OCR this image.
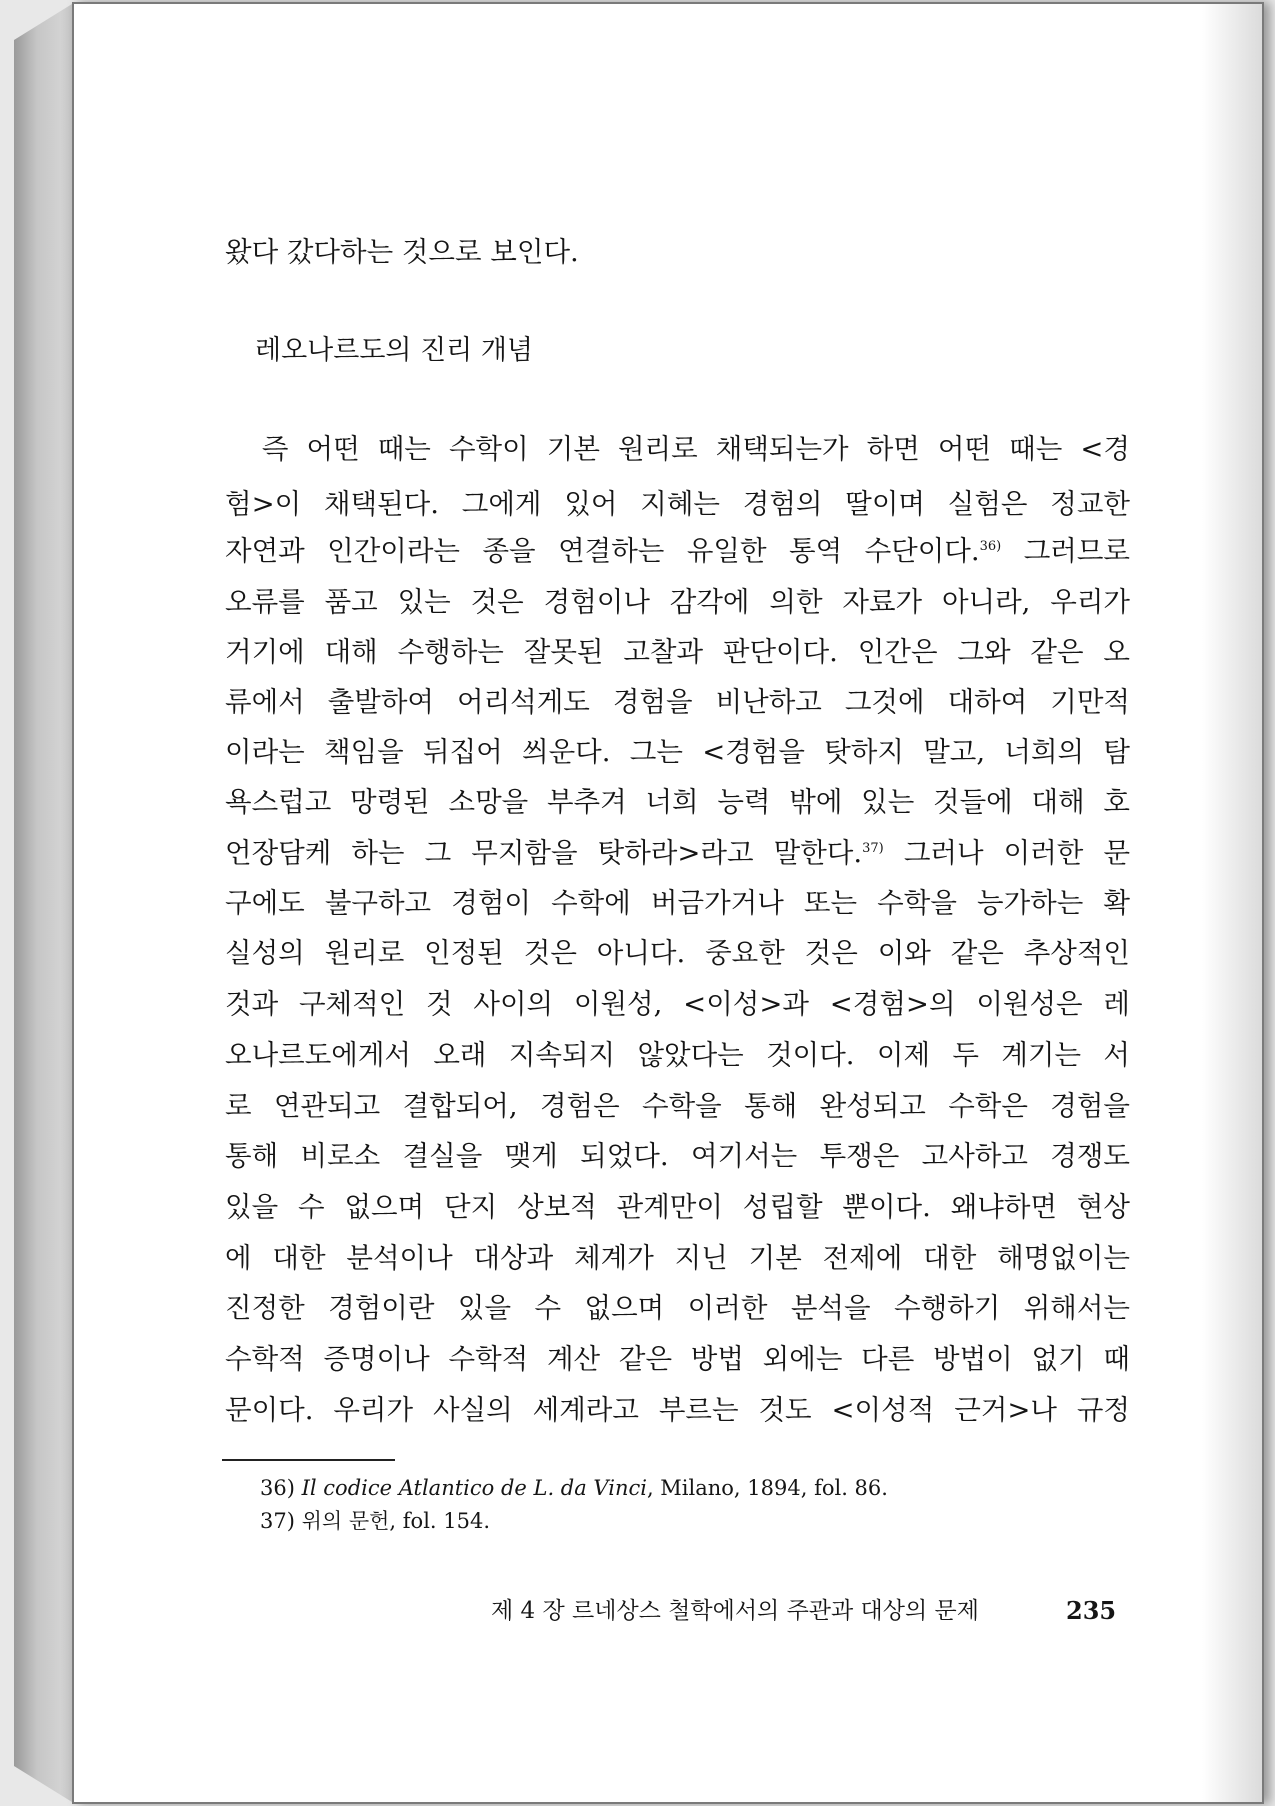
왔다 갔다하는 것으로 보인다.
레오나르도의 진리 개념
　즉 어떤 때는 수학이 기본 원리로 채택되는가 하면 어떤 때는 <경
험>이 채택된다. 그에게 있어 지혜는 경험의 딸이며 실험은 정교한
자연과 인간이라는 종을 연결하는 유일한 통역 수단이다.$^{36)}$ 그러므로
오류를 품고 있는 것은 경험이나 감각에 의한 자료가 아니라, 우리가
거기에 대해 수행하는 잘못된 고찰과 판단이다. 인간은 그와 같은 오
류에서 출발하여 어리석게도 경험을 비난하고 그것에 대하여 기만적
이라는 책임을 뒤집어 씌운다. 그는 <경험을 탓하지 말고, 너희의 탐
욕스럽고 망령된 소망을 부추겨 너희 능력 밖에 있는 것들에 대해 호
언장담케 하는 그 무지함을 탓하라>라고 말한다.$^{37)}$ 그러나 이러한 문
구에도 불구하고 경험이 수학에 버금가거나 또는 수학을 능가하는 확
실성의 원리로 인정된 것은 아니다. 중요한 것은 이와 같은 추상적인
것과 구체적인 것 사이의 이원성, <이성>과 <경험>의 이원성은 레
오나르도에게서 오래 지속되지 않았다는 것이다. 이제 두 계기는 서
로 연관되고 결합되어, 경험은 수학을 통해 완성되고 수학은 경험을
통해 비로소 결실을 맺게 되었다. 여기서는 투쟁은 고사하고 경쟁도
있을 수 없으며 단지 상보적 관계만이 성립할 뿐이다. 왜냐하면 현상
에 대한 분석이나 대상과 체계가 지닌 기본 전제에 대한 해명없이는
진정한 경험이란 있을 수 없으며 이러한 분석을 수행하기 위해서는
수학적 증명이나 수학적 계산 같은 방법 외에는 다른 방법이 없기 때
문이다. 우리가 사실의 세계라고 부르는 것도 <이성적 근거>나 규정
36) Il codice Atlantico de L. da Vinci, Milano, 1894, fol. 86.
37) 위의 문헌, fol. 154.
제 4 장 르네상스 철학에서의 주관과 대상의 문제	235
